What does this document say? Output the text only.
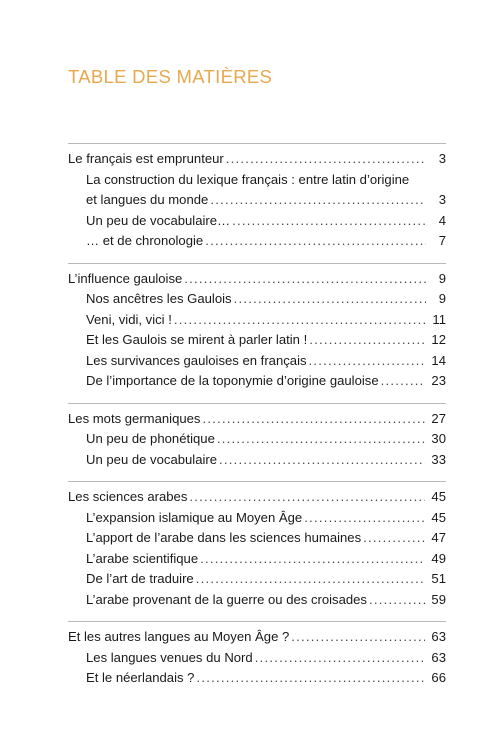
TABLE DES MATIÈRES
Le français est emprunteur . . .	3
La construction du lexique français : entre latin d’origine
et langues du monde . . .	3
Un peu de vocabulaire… . . .	4
… et de chronologie . . .	7
L’influence gauloise . . .	9
Nos ancêtres les Gaulois . . .	9
Veni, vidi, vici ! . . .	11
Et les Gaulois se mirent à parler latin ! . . .	12
Les survivances gauloises en français . . .	14
De l’importance de la toponymie d’origine gauloise . . .	23
Les mots germaniques . . .	27
Un peu de phonétique . . .	30
Un peu de vocabulaire . . .	33
Les sciences arabes . . .	45
L’expansion islamique au Moyen Âge . . .	45
L’apport de l’arabe dans les sciences humaines . . .	47
L’arabe scientifique . . .	49
De l’art de traduire . . .	51
L’arabe provenant de la guerre ou des croisades . . .	59
Et les autres langues au Moyen Âge ? . . .	63
Les langues venues du Nord . . .	63
Et le néerlandais ? . . .	66
